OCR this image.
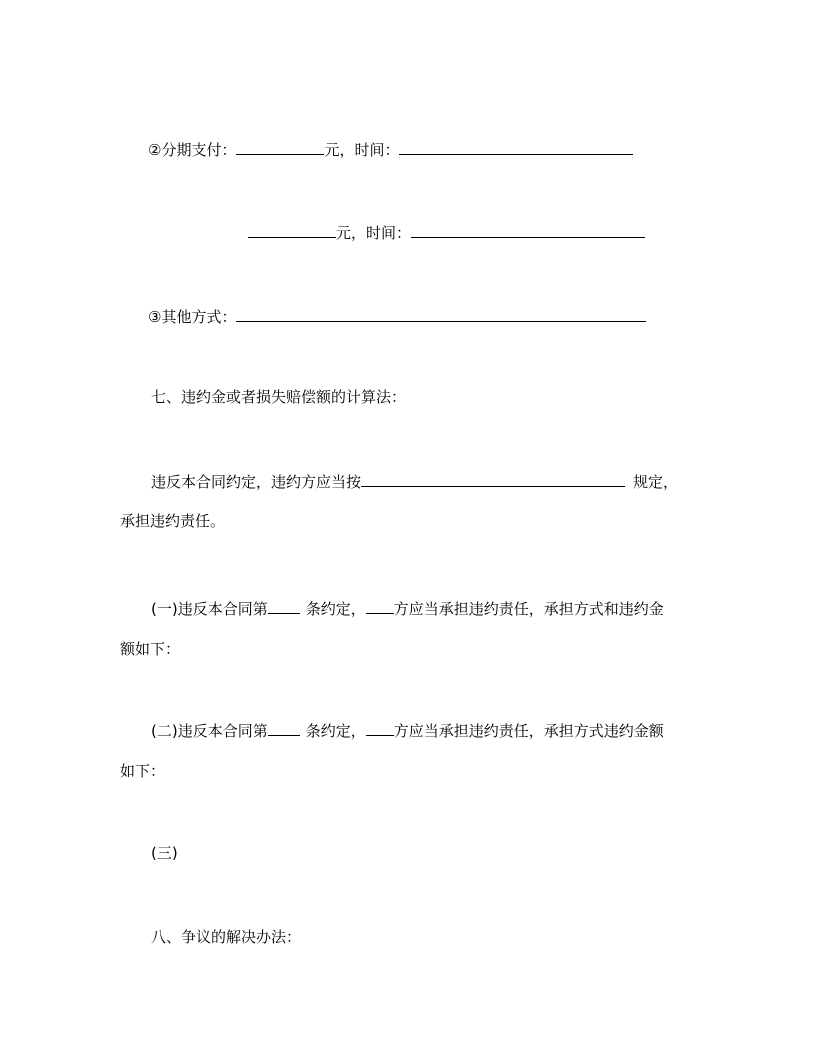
②分期支付：	元，时间：
元，时间：
③其他方式：
七、违约金或者损失赔偿额的计算法：
违反本合同约定，违约方应当按	规定，
承担违约责任。
(一)违反本合同第	条约定， 方应当承担违约责任，承担方式和违约金
额如下：
(二)违反本合同第	条约定， 方应当承担违约责任，承担方式违约金额
如下：
(三)
八、争议的解决办法：
